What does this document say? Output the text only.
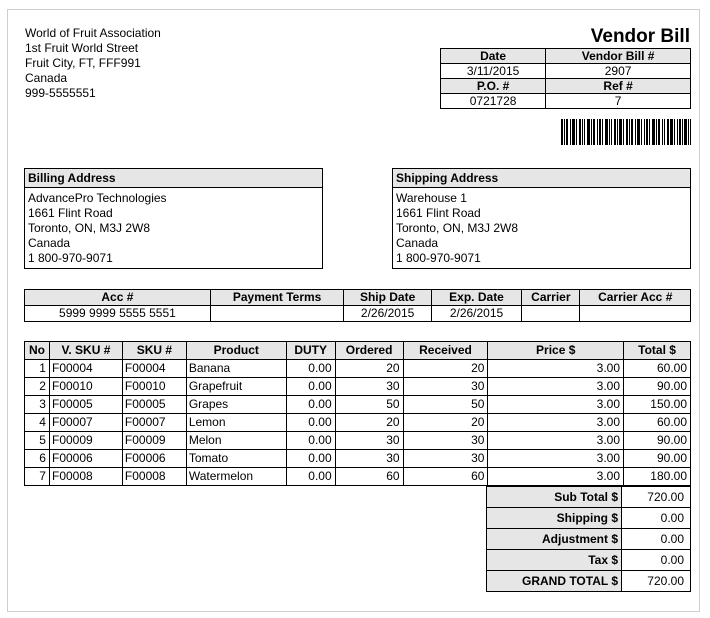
World of Fruit Association
1st Fruit World Street
Fruit City, FT, FFF991
Canada
999-5555551
Vendor Bill
Date	Vendor Bill #
3/11/2015	2907
P.O. #	Ref #
0721728	7
Billing Address
AdvancePro Technologies
1661 Flint Road
Toronto, ON, M3J 2W8
Canada
1 800-970-9071
Shipping Address
Warehouse 1
1661 Flint Road
Toronto, ON, M3J 2W8
Canada
1 800-970-9071
Acc #	Payment Terms	Ship Date	Exp. Date	Carrier	Carrier Acc #
5999 9999 5555 5551		2/26/2015	2/26/2015		
No	V. SKU #	SKU #	Product	DUTY	Ordered	Received	Price $	Total $
1	F00004	F00004	Banana	0.00	20	20	3.00	60.00
2	F00010	F00010	Grapefruit	0.00	30	30	3.00	90.00
3	F00005	F00005	Grapes	0.00	50	50	3.00	150.00
4	F00007	F00007	Lemon	0.00	20	20	3.00	60.00
5	F00009	F00009	Melon	0.00	30	30	3.00	90.00
6	F00006	F00006	Tomato	0.00	30	30	3.00	90.00
7	F00008	F00008	Watermelon	0.00	60	60	3.00	180.00
Sub Total $	720.00
Shipping $	0.00
Adjustment $	0.00
Tax $	0.00
GRAND TOTAL $	720.00
